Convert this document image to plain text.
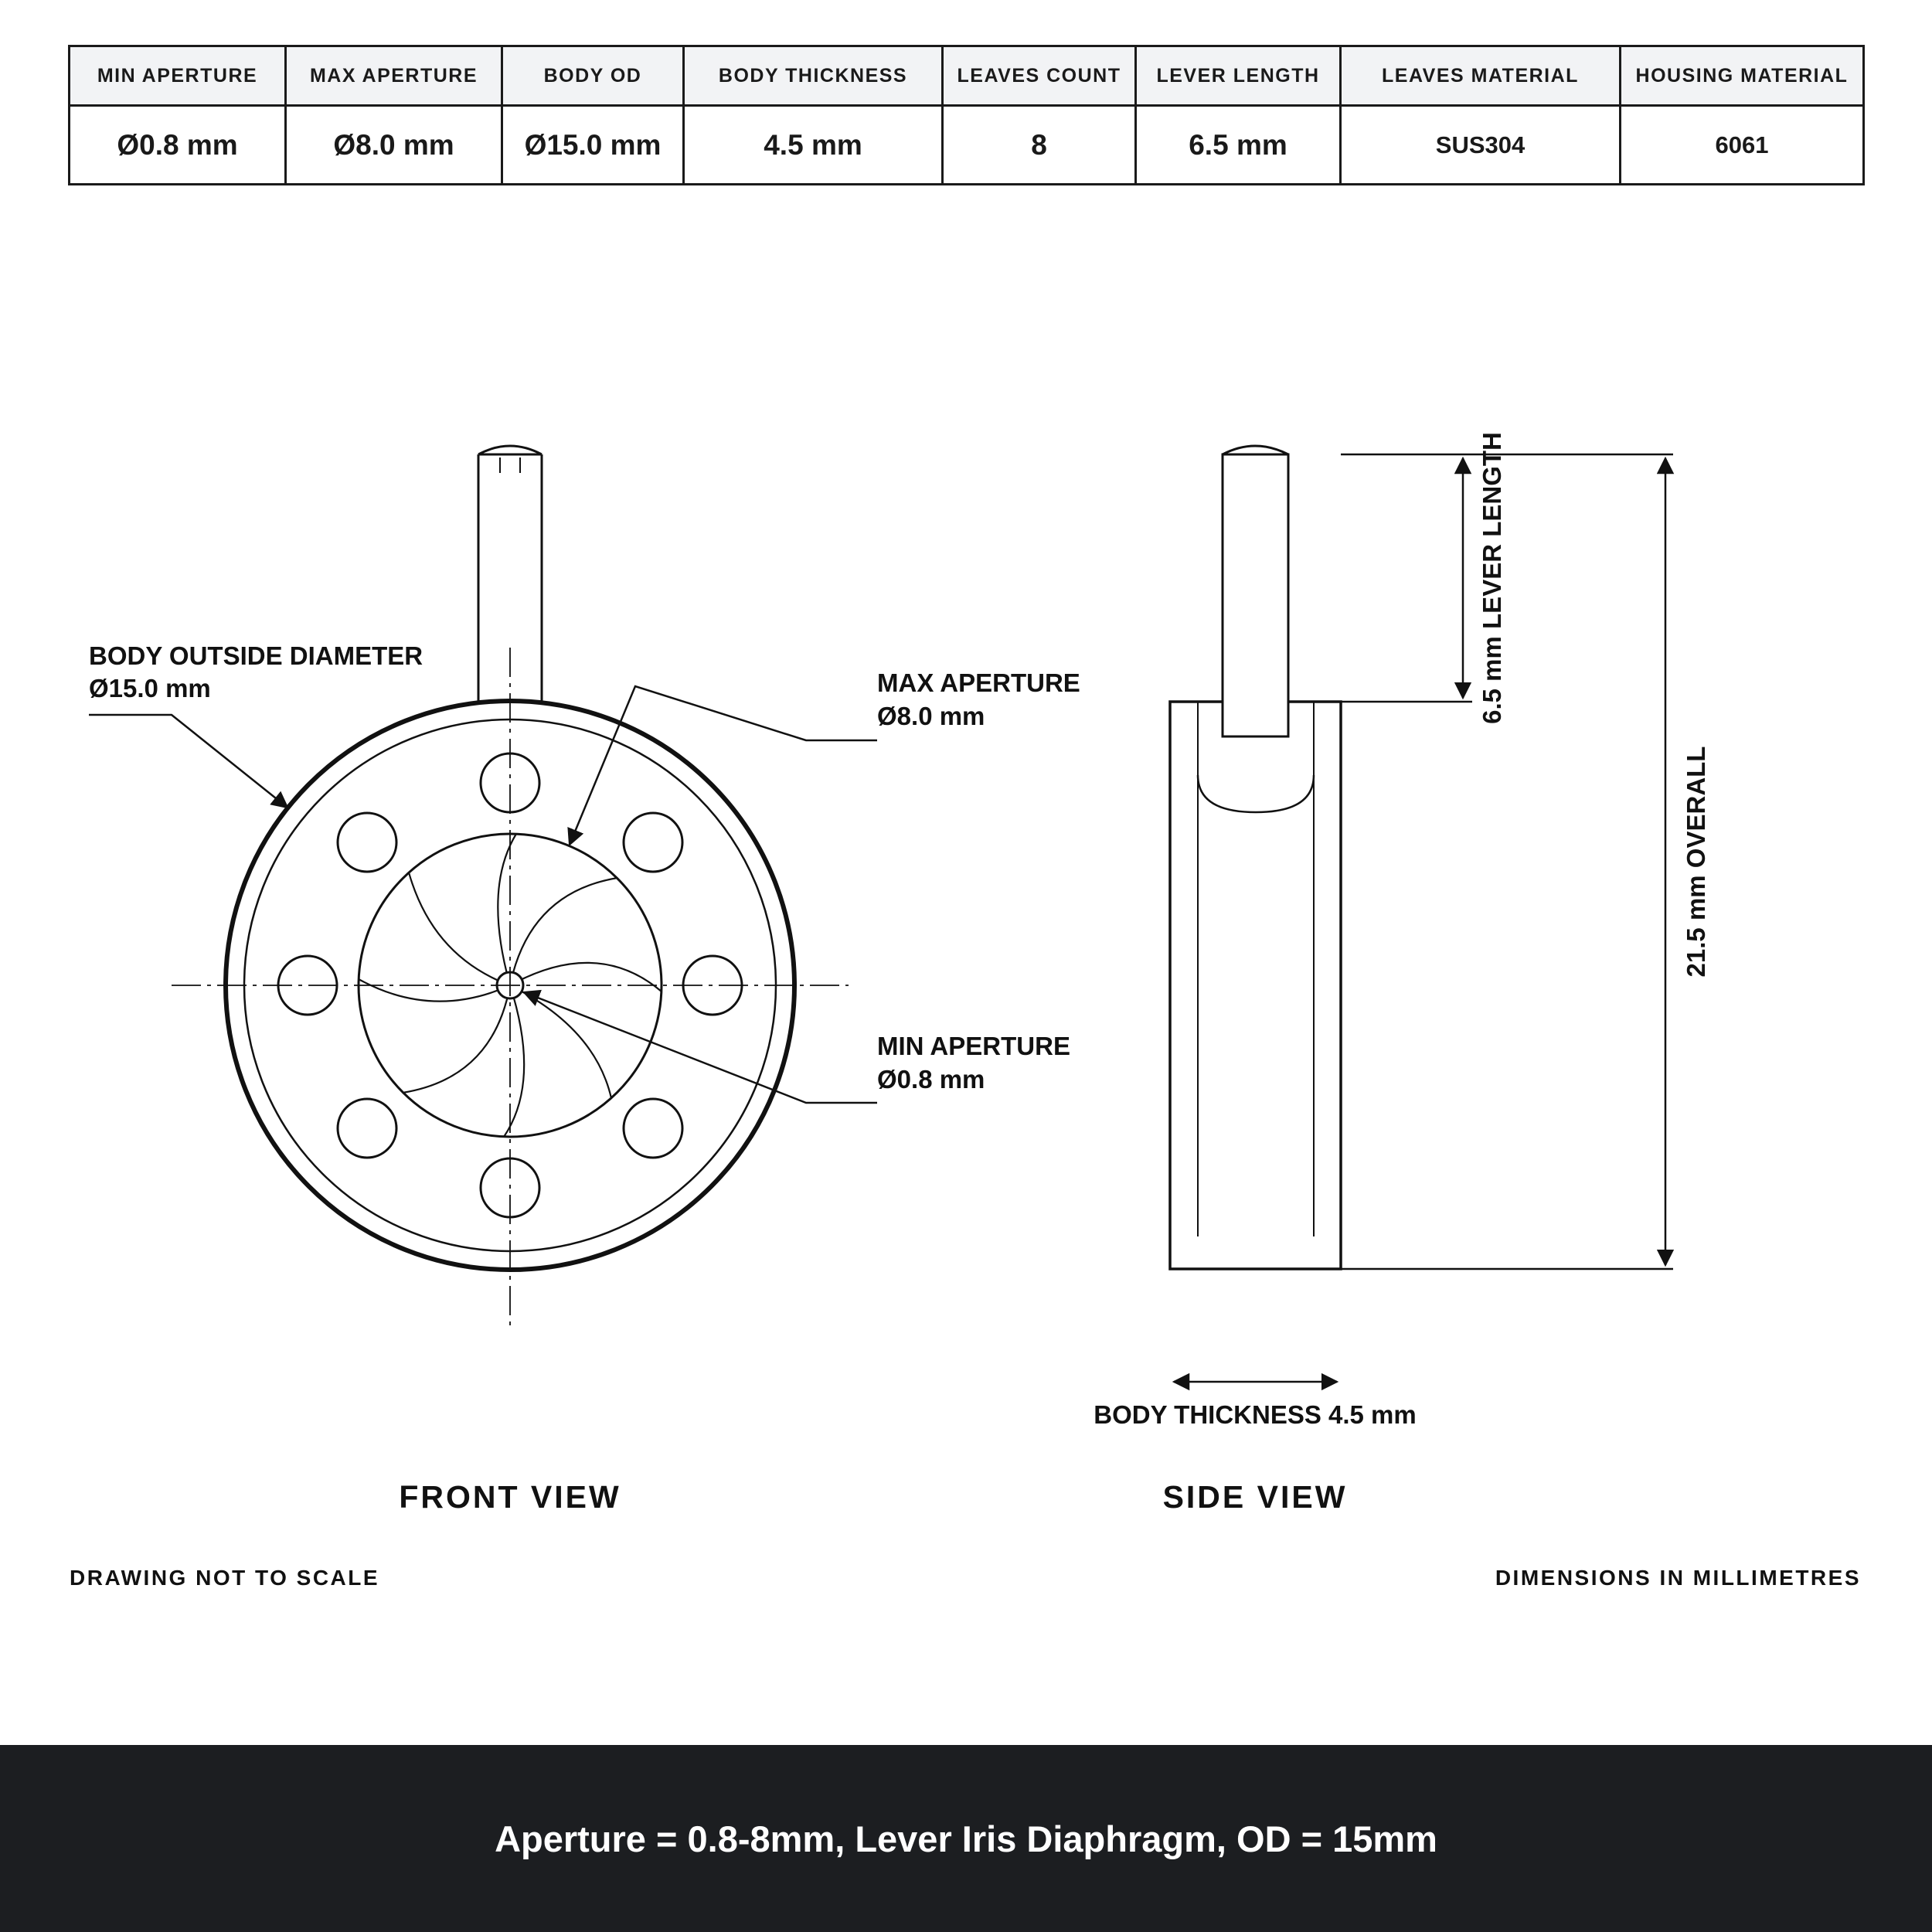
MIN APERTURE	MAX APERTURE	BODY OD	BODY THICKNESS	LEAVES COUNT	LEVER LENGTH	LEAVES MATERIAL	HOUSING MATERIAL
Ø0.8 mm	Ø8.0 mm	Ø15.0 mm	4.5 mm	8	6.5 mm	SUS304	6061
BODY OUTSIDE DIAMETER
Ø15.0 mm	MAX APERTURE
Ø8.0 mm
MIN APERTURE
Ø0.8 mm
6.5 mm LEVER LENGTH
21.5 mm OVERALL
BODY THICKNESS 4.5 mm
FRONT VIEW	SIDE VIEW
DRAWING NOT TO SCALE	DIMENSIONS IN MILLIMETRES
Aperture = 0.8-8mm, Lever Iris Diaphragm, OD = 15mm
